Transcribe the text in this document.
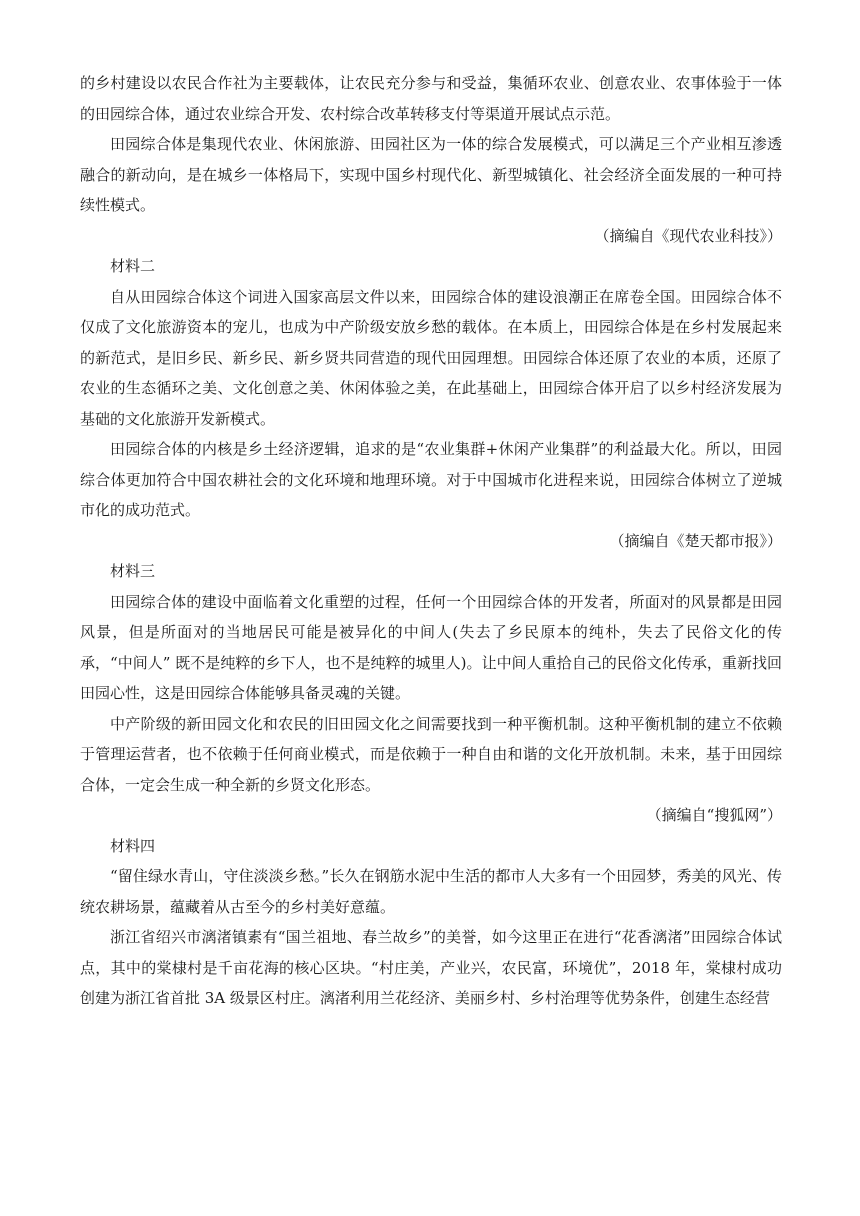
的乡村建设以农民合作社为主要载体，让农民充分参与和受益，集循环农业、创意农业、农事体验于一体的田园综合体，通过农业综合开发、农村综合改革转移支付等渠道开展试点示范。

田园综合体是集现代农业、休闲旅游、田园社区为一体的综合发展模式，可以满足三个产业相互渗透融合的新动向，是在城乡一体格局下，实现中国乡村现代化、新型城镇化、社会经济全面发展的一种可持续性模式。

（摘编自《现代农业科技》）

材料二

自从田园综合体这个词进入国家高层文件以来，田园综合体的建设浪潮正在席卷全国。田园综合体不仅成了文化旅游资本的宠儿，也成为中产阶级安放乡愁的载体。在本质上，田园综合体是在乡村发展起来的新范式，是旧乡民、新乡民、新乡贤共同营造的现代田园理想。田园综合体还原了农业的本质，还原了农业的生态循环之美、文化创意之美、休闲体验之美，在此基础上，田园综合体开启了以乡村经济发展为基础的文化旅游开发新模式。

田园综合体的内核是乡土经济逻辑，追求的是“农业集群+休闲产业集群”的利益最大化。所以，田园综合体更加符合中国农耕社会的文化环境和地理环境。对于中国城市化进程来说，田园综合体树立了逆城市化的成功范式。

（摘编自《楚天都市报》）

材料三

田园综合体的建设中面临着文化重塑的过程，任何一个田园综合体的开发者，所面对的风景都是田园风景，但是所面对的当地居民可能是被异化的中间人(失去了乡民原本的纯朴，失去了民俗文化的传承，“中间人” 既不是纯粹的乡下人，也不是纯粹的城里人)。让中间人重拾自己的民俗文化传承，重新找回田园心性，这是田园综合体能够具备灵魂的关键。

中产阶级的新田园文化和农民的旧田园文化之间需要找到一种平衡机制。这种平衡机制的建立不依赖于管理运营者，也不依赖于任何商业模式，而是依赖于一种自由和谐的文化开放机制。未来，基于田园综合体，一定会生成一种全新的乡贤文化形态。

（摘编自“搜狐网”）

材料四

“留住绿水青山，守住淡淡乡愁。”长久在钢筋水泥中生活的都市人大多有一个田园梦，秀美的风光、传统农耕场景，蕴藏着从古至今的乡村美好意蕴。

浙江省绍兴市漓渚镇素有“国兰祖地、春兰故乡”的美誉，如今这里正在进行“花香漓渚”田园综合体试点，其中的棠棣村是千亩花海的核心区块。“村庄美，产业兴，农民富，环境优”，2018 年，棠棣村成功创建为浙江省首批 3A 级景区村庄。漓渚利用兰花经济、美丽乡村、乡村治理等优势条件，创建生态经营
